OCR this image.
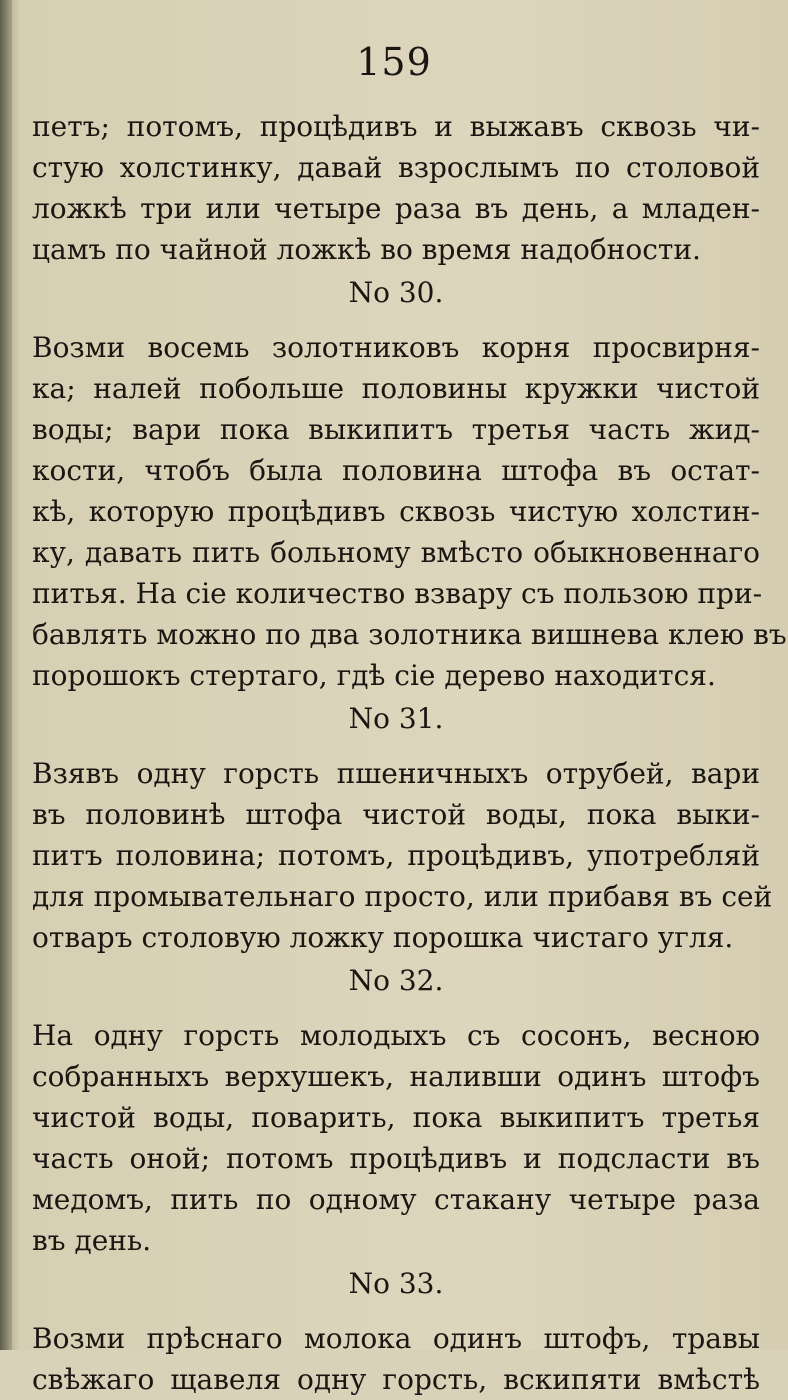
159
петъ; потомъ, процѣдивъ и выжавъ сквозь чи-
стую холстинку, давай взрослымъ по столовой
ложкѣ три или четыре раза въ день, а младен-
цамъ по чайной ложкѣ во время надобности.
No 30.
Возми восемь золотниковъ корня просвирня-
ка; налей побольше половины кружки чистой
воды; вари пока выкипитъ третья часть жид-
кости, чтобъ была половина штофа въ остат-
кѣ, которую процѣдивъ сквозь чистую холстин-
ку, давать пить больному вмѣсто обыкновеннаго
питья. На сіе количество взвару съ пользою при-
бавлять можно по два золотника вишнева клею въ
порошокъ стертаго, гдѣ сіе дерево находится.
No 31.
Взявъ одну горсть пшеничныхъ отрубей, вари
въ половинѣ штофа чистой воды, пока выки-
питъ половина; потомъ, процѣдивъ, употребляй
для промывательнаго просто, или прибавя въ сей
отваръ столовую ложку порошка чистаго угля.
No 32.
На одну горсть молодыхъ съ сосонъ, весною
собранныхъ верхушекъ, наливши одинъ штофъ
чистой воды, поварить, пока выкипитъ третья
часть оной; потомъ процѣдивъ и подсласти въ
медомъ, пить по одному стакану четыре раза
въ день.
No 33.
Возми прѣснаго молока одинъ штофъ, травы
свѣжаго щавеля одну горсть, вскипяти вмѣстѣ
